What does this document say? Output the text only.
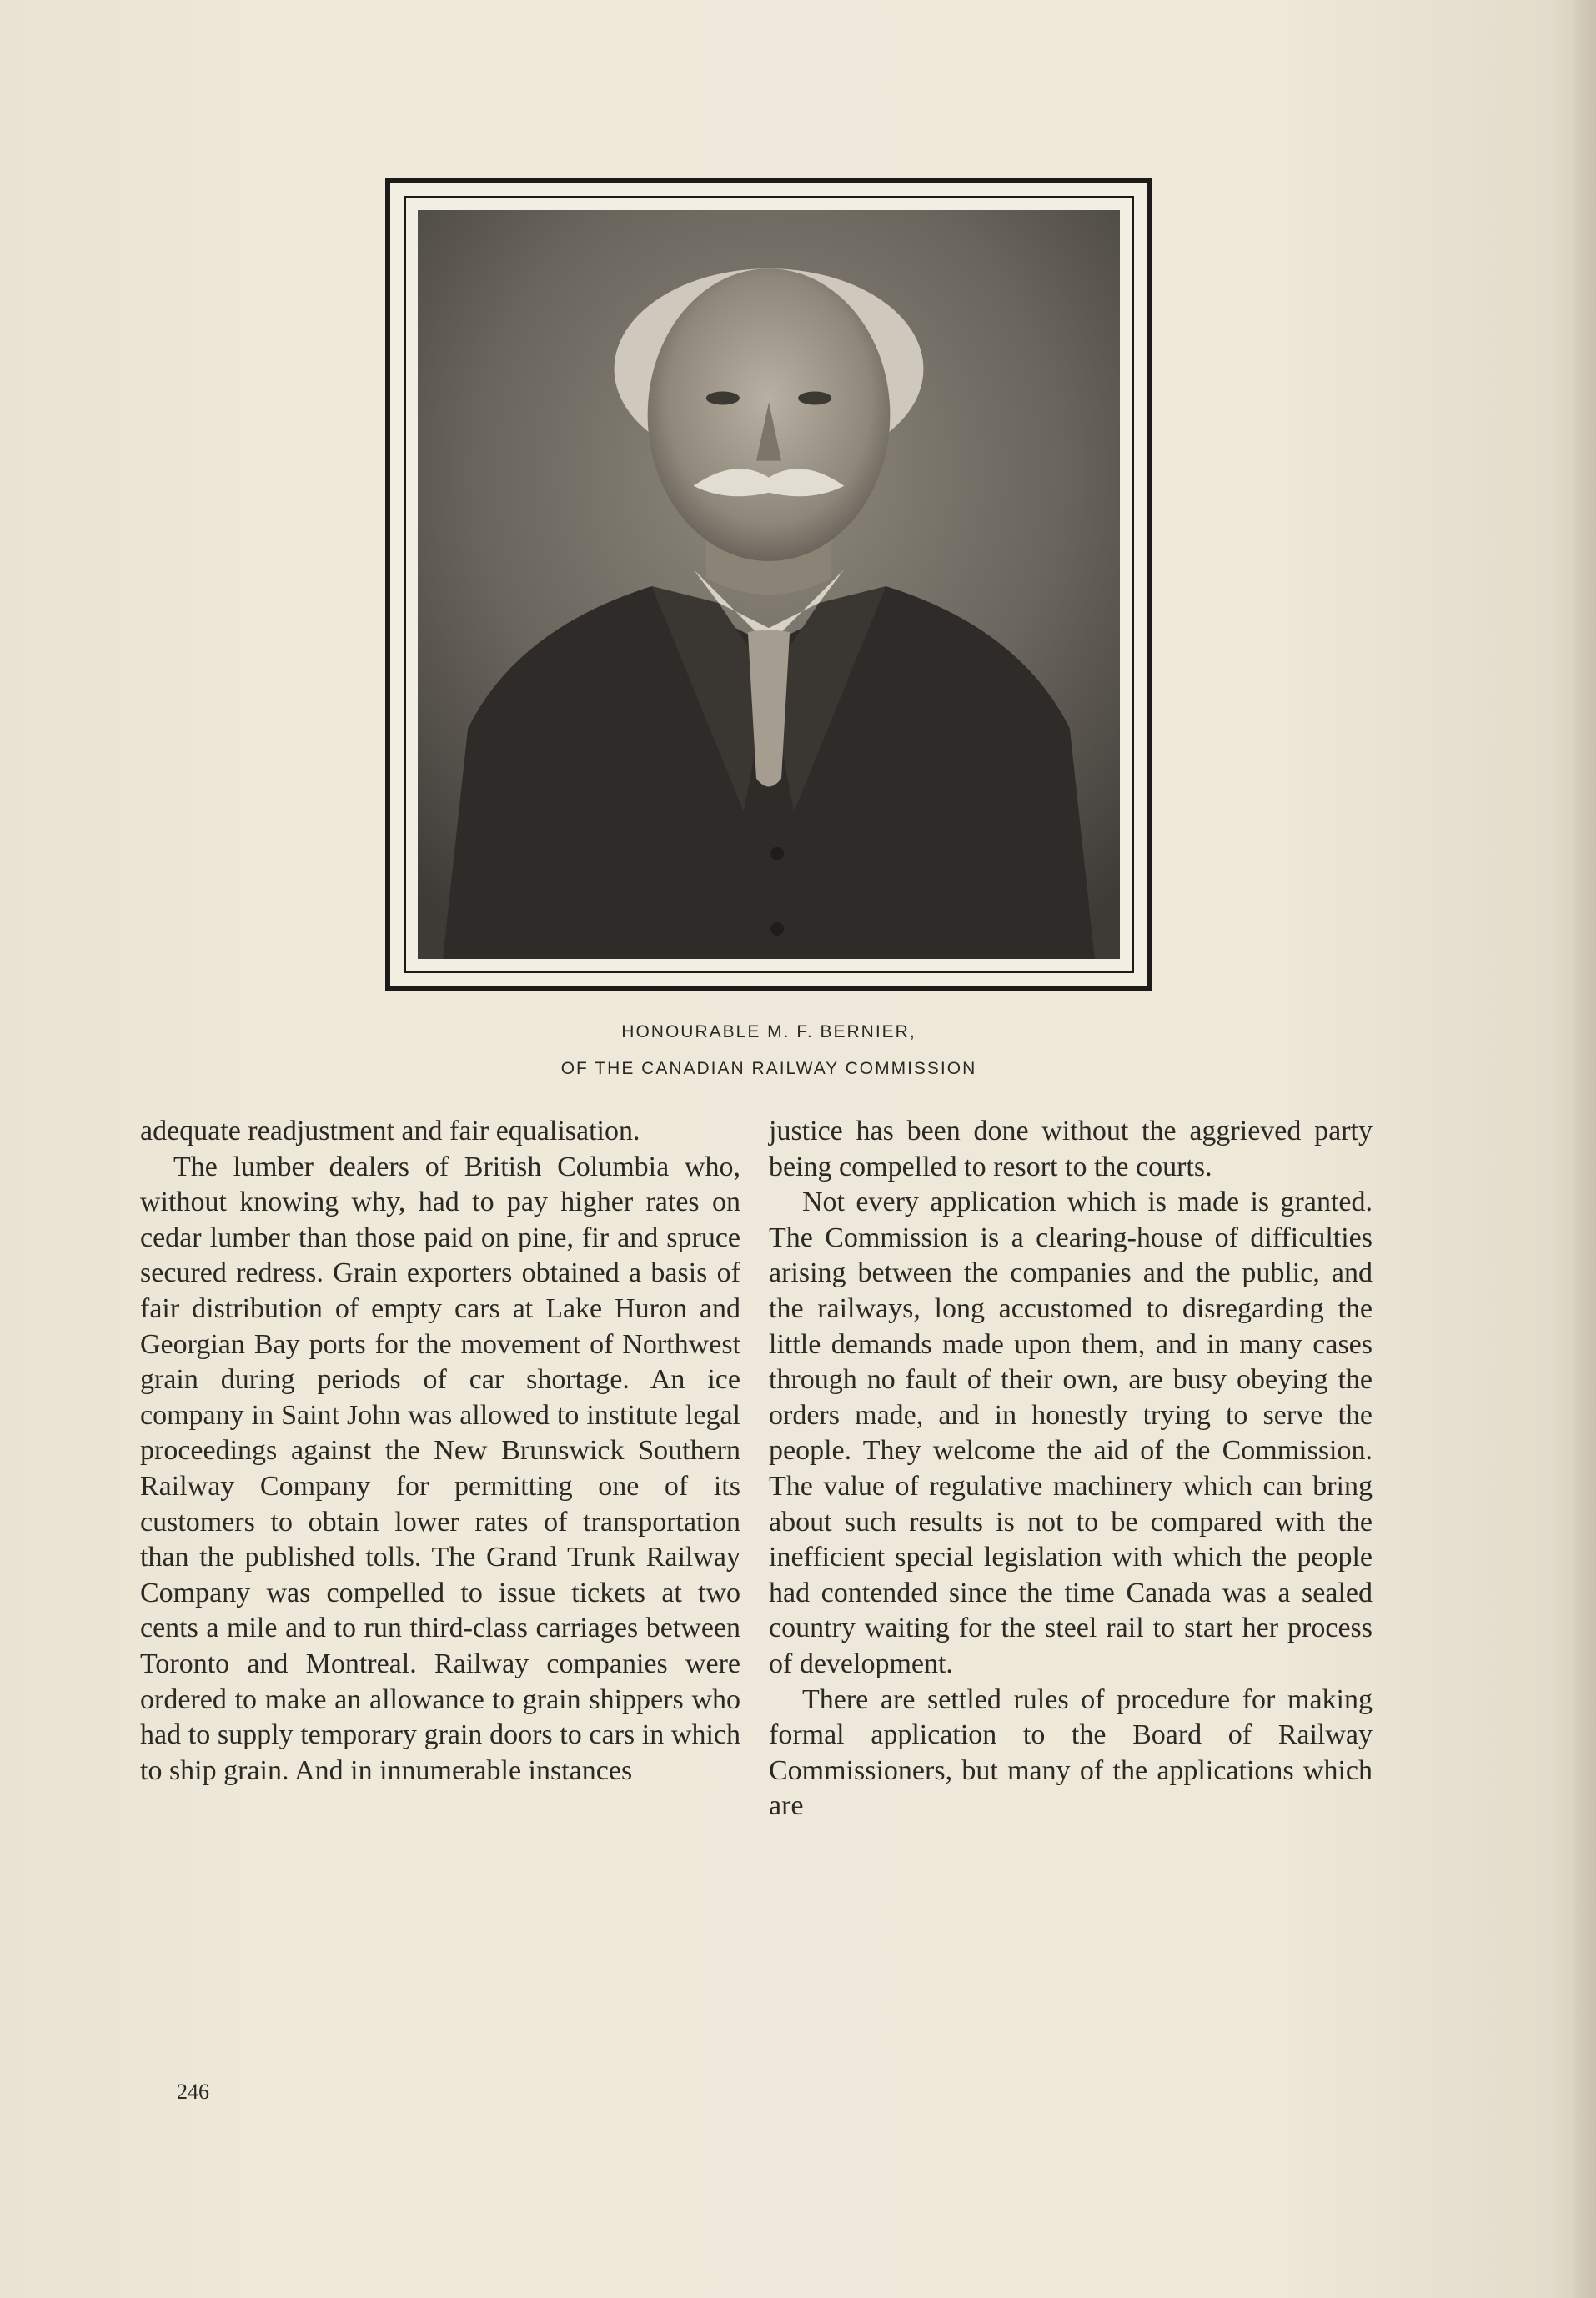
HONOURABLE M. F. BERNIER,
OF THE CANADIAN RAILWAY COMMISSION

adequate readjustment and fair equalisation.

The lumber dealers of British Columbia who, without knowing why, had to pay higher rates on cedar lumber than those paid on pine, fir and spruce secured redress. Grain exporters obtained a basis of fair distribution of empty cars at Lake Huron and Georgian Bay ports for the movement of Northwest grain during periods of car shortage. An ice company in Saint John was allowed to institute legal proceedings against the New Brunswick Southern Railway Company for permitting one of its customers to obtain lower rates of transportation than the published tolls. The Grand Trunk Railway Company was compelled to issue tickets at two cents a mile and to run third-class carriages between Toronto and Montreal. Railway companies were ordered to make an allowance to grain shippers who had to supply temporary grain doors to cars in which to ship grain. And in innumerable instances

justice has been done without the aggrieved party being compelled to resort to the courts.

Not every application which is made is granted. The Commission is a clearing-house of difficulties arising between the companies and the public, and the railways, long accustomed to disregarding the little demands made upon them, and in many cases through no fault of their own, are busy obeying the orders made, and in honestly trying to serve the people. They welcome the aid of the Commission. The value of regulative machinery which can bring about such results is not to be compared with the inefficient special legislation with which the people had contended since the time Canada was a sealed country waiting for the steel rail to start her process of development.

There are settled rules of procedure for making formal application to the Board of Railway Commissioners, but many of the applications which are

246
